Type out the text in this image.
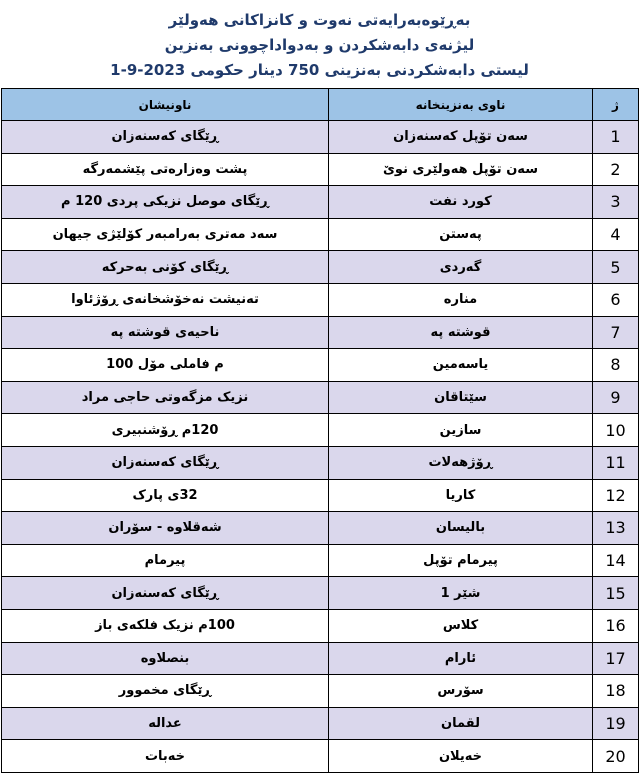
بەڕێوەبەرایەتی نەوت و کانزاکانی هەولێر
لیژنەی دابەشکردن و بەدواداچوونی بەنزین
لیستی دابەشکردنی بەنزینی 750 دینار حکومی 2023-9-1
ژ	ناوی بەنزینخانە	ناونیشان
1	سەن تۆپل کەسنەزان	ڕێگای کەسنەزان
2	سەن تۆپل هەولێری نوێ	پشت وەزارەتی پێشمەرگە
3	کورد نفت	ڕێگای موصل نزیکی پردی 120 م
4	پەستن	سەد مەتری بەرامبەر کۆلێژی جیهان
5	گەردی	ڕێگای کۆنی بەحرکە
6	منارە	تەنیشت نەخۆشخانەی ڕۆژئاوا
7	قوشتە پە	ناحیەی قوشتە پە
8	یاسەمین	م فاملی مۆل 100
9	سێتاقان	نزیک مزگەوتی حاجی مراد
10	سازین	120م ڕۆشنبیری
11	ڕۆژهەلات	ڕێگای کەسنەزان
12	کاریا	32ی پارک
13	بالیسان	شەقلاوە - سۆران
14	پیرمام تۆپل	پیرمام
15	شێر 1	ڕێگای کەسنەزان
16	کلاس	100م نزیک فلکەی باز
17	ئارام	بنصلاوە
18	سۆرس	ڕێگای مخموور
19	لقمان	عدالە
20	خەیلان	خەبات
